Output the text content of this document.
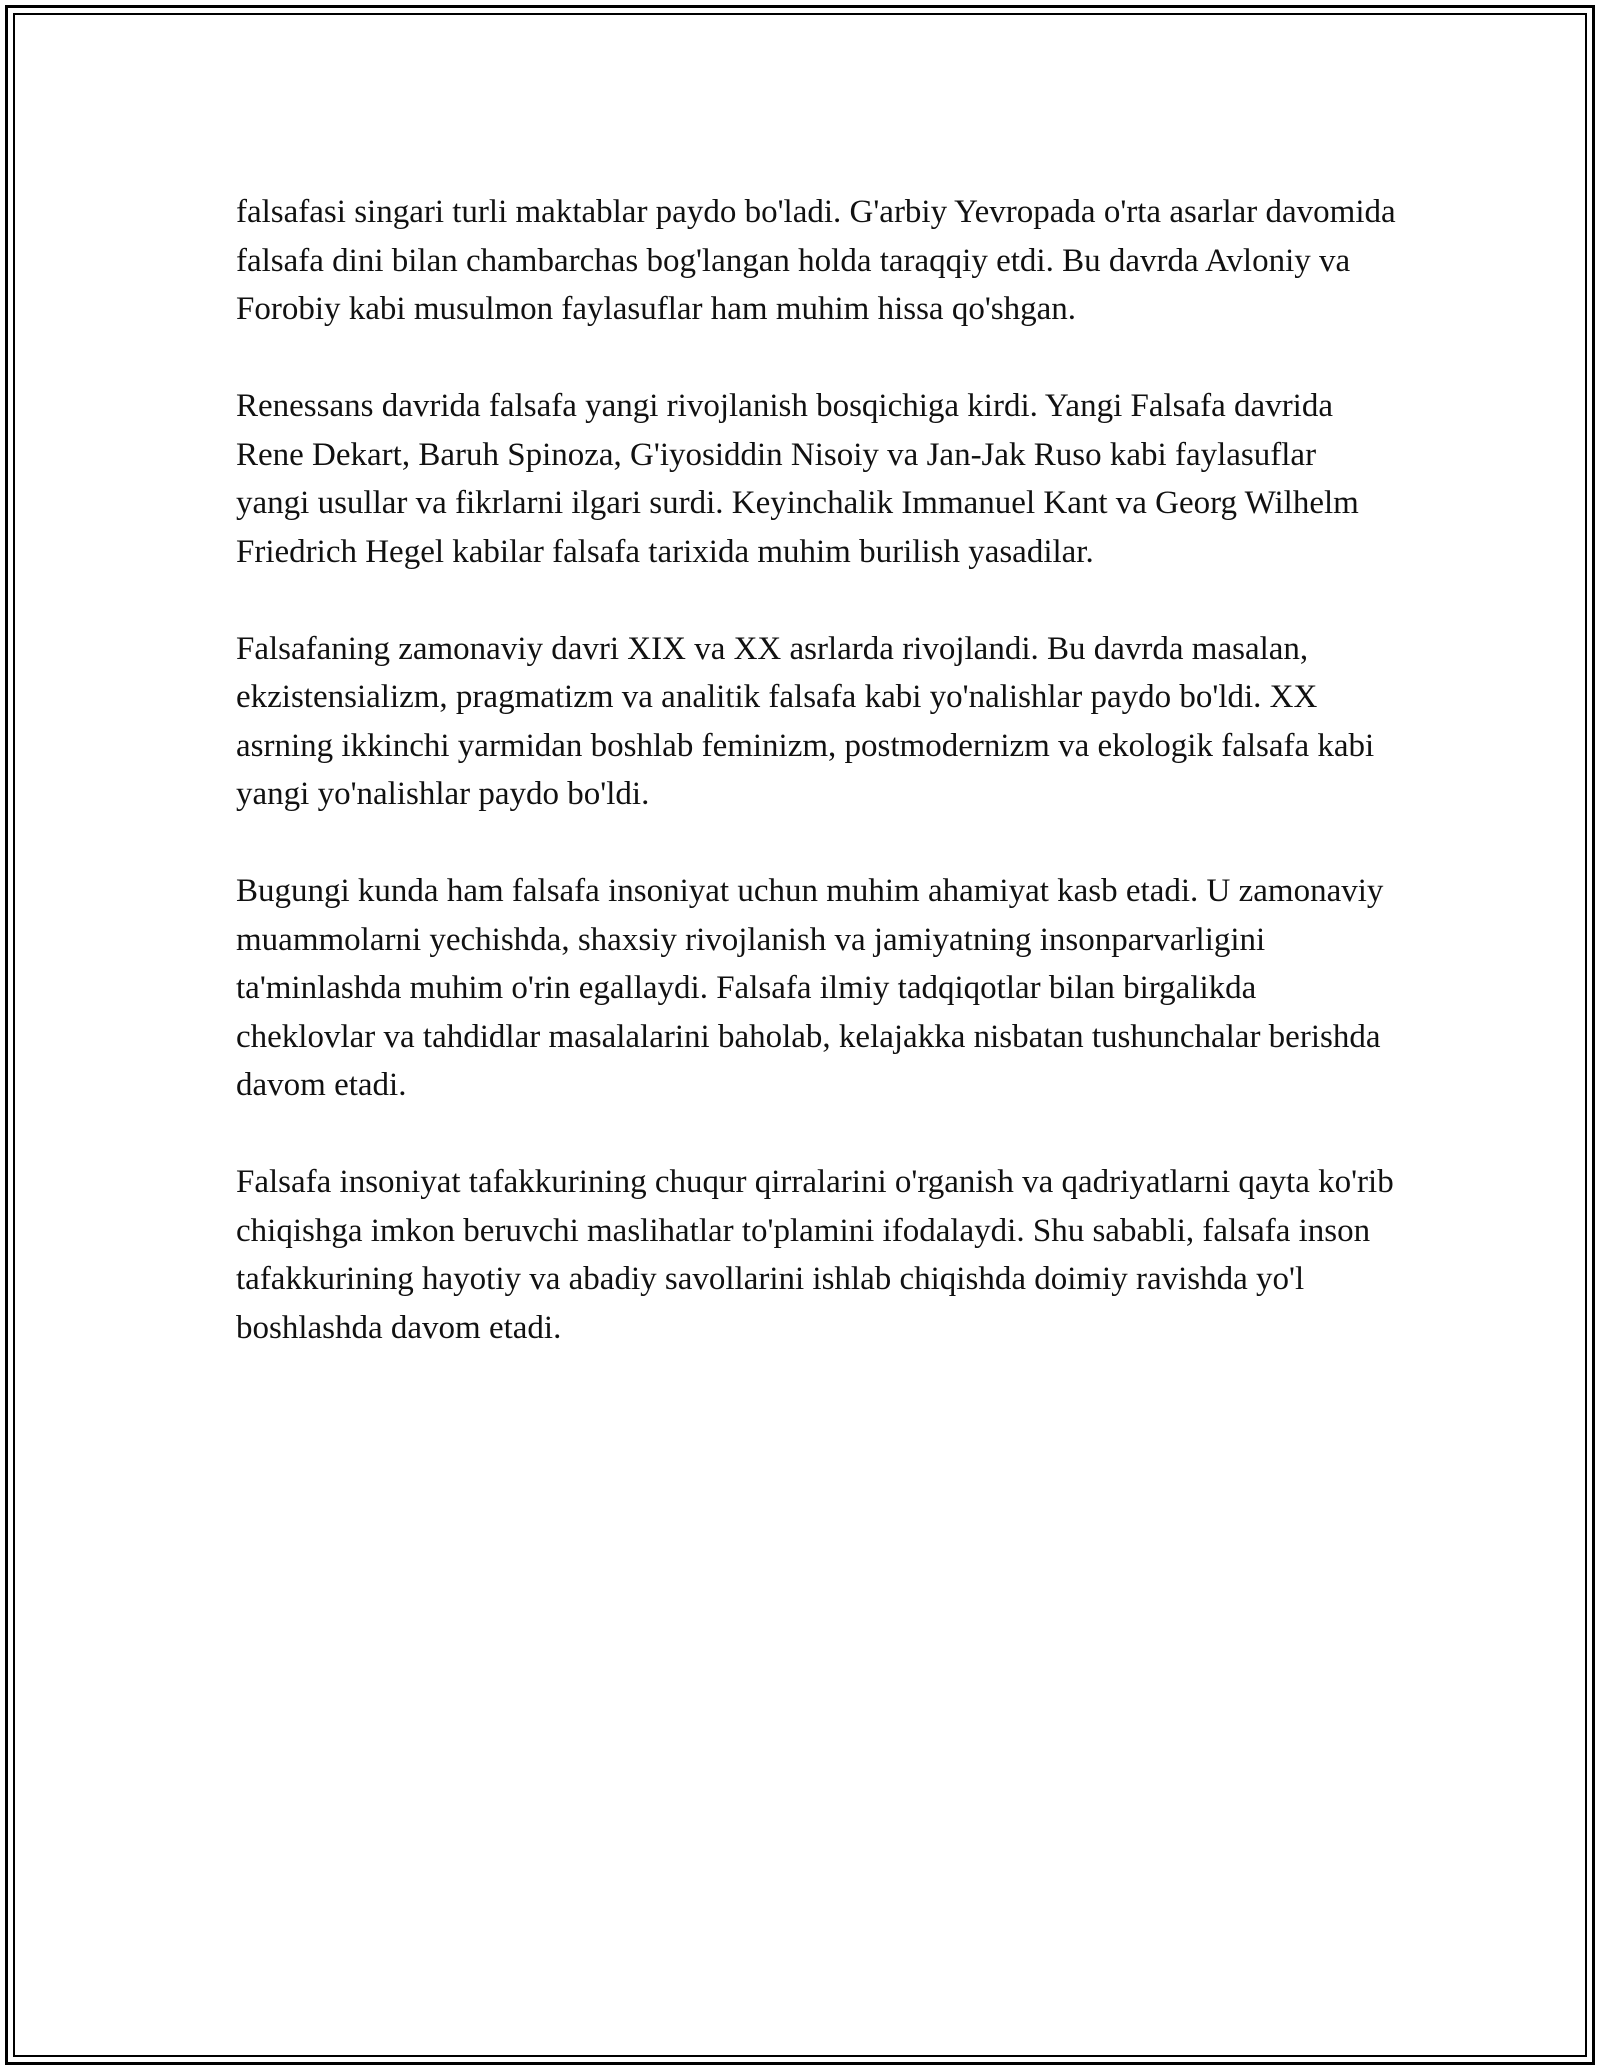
falsafasi singari turli maktablar paydo bo'ladi. G'arbiy Yevropada o'rta asarlar davomida falsafa dini bilan chambarchas bog'langan holda taraqqiy etdi. Bu davrda Avloniy va Forobiy kabi musulmon faylasuflar ham muhim hissa qo'shgan.

Renessans davrida falsafa yangi rivojlanish bosqichiga kirdi. Yangi Falsafa davrida Rene Dekart, Baruh Spinoza, G'iyosiddin Nisoiy va Jan-Jak Ruso kabi faylasuflar yangi usullar va fikrlarni ilgari surdi. Keyinchalik Immanuel Kant va Georg Wilhelm Friedrich Hegel kabilar falsafa tarixida muhim burilish yasadilar.

Falsafaning zamonaviy davri XIX va XX asrlarda rivojlandi. Bu davrda masalan, ekzistensializm, pragmatizm va analitik falsafa kabi yo'nalishlar paydo bo'ldi. XX asrning ikkinchi yarmidan boshlab feminizm, postmodernizm va ekologik falsafa kabi yangi yo'nalishlar paydo bo'ldi.

Bugungi kunda ham falsafa insoniyat uchun muhim ahamiyat kasb etadi. U zamonaviy muammolarni yechishda, shaxsiy rivojlanish va jamiyatning insonparvarligini ta'minlashda muhim o'rin egallaydi. Falsafa ilmiy tadqiqotlar bilan birgalikda cheklovlar va tahdidlar masalalarini baholab, kelajakka nisbatan tushunchalar berishda davom etadi.

Falsafa insoniyat tafakkurining chuqur qirralarini o'rganish va qadriyatlarni qayta ko'rib chiqishga imkon beruvchi maslihatlar to'plamini ifodalaydi. Shu sababli, falsafa inson tafakkurining hayotiy va abadiy savollarini ishlab chiqishda doimiy ravishda yo'l boshlashda davom etadi.
